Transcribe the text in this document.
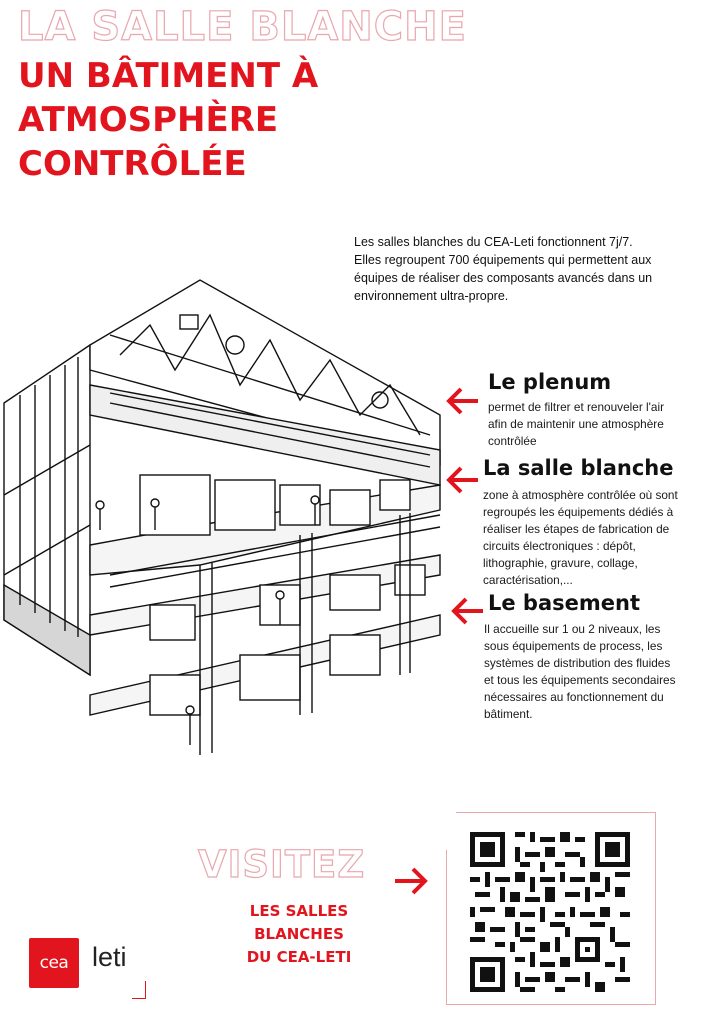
LA SALLE BLANCHE
UN BÂTIMENT À
ATMOSPHÈRE
CONTRÔLÉE
Les salles blanches du CEA-Leti fonctionnent 7j/7.
Elles regroupent 700 équipements qui permettent aux
équipes de réaliser des composants avancés dans un
environnement ultra-propre.
Le plenum
permet de filtrer et renouveler l'air
afin de maintenir une atmosphère
contrôlée
La salle blanche
zone à atmosphère contrôlée où sont
regroupés les équipements dédiés à
réaliser les étapes de fabrication de
circuits électroniques : dépôt,
lithographie, gravure, collage,
caractérisation,...
Le basement
Il accueille sur 1 ou 2 niveaux, les
sous équipements de process, les
systèmes de distribution des fluides
et tous les équipements secondaires
nécessaires au fonctionnement du
bâtiment.
VISITEZ
LES SALLES
BLANCHES
DU CEA-LETI
cea leti
